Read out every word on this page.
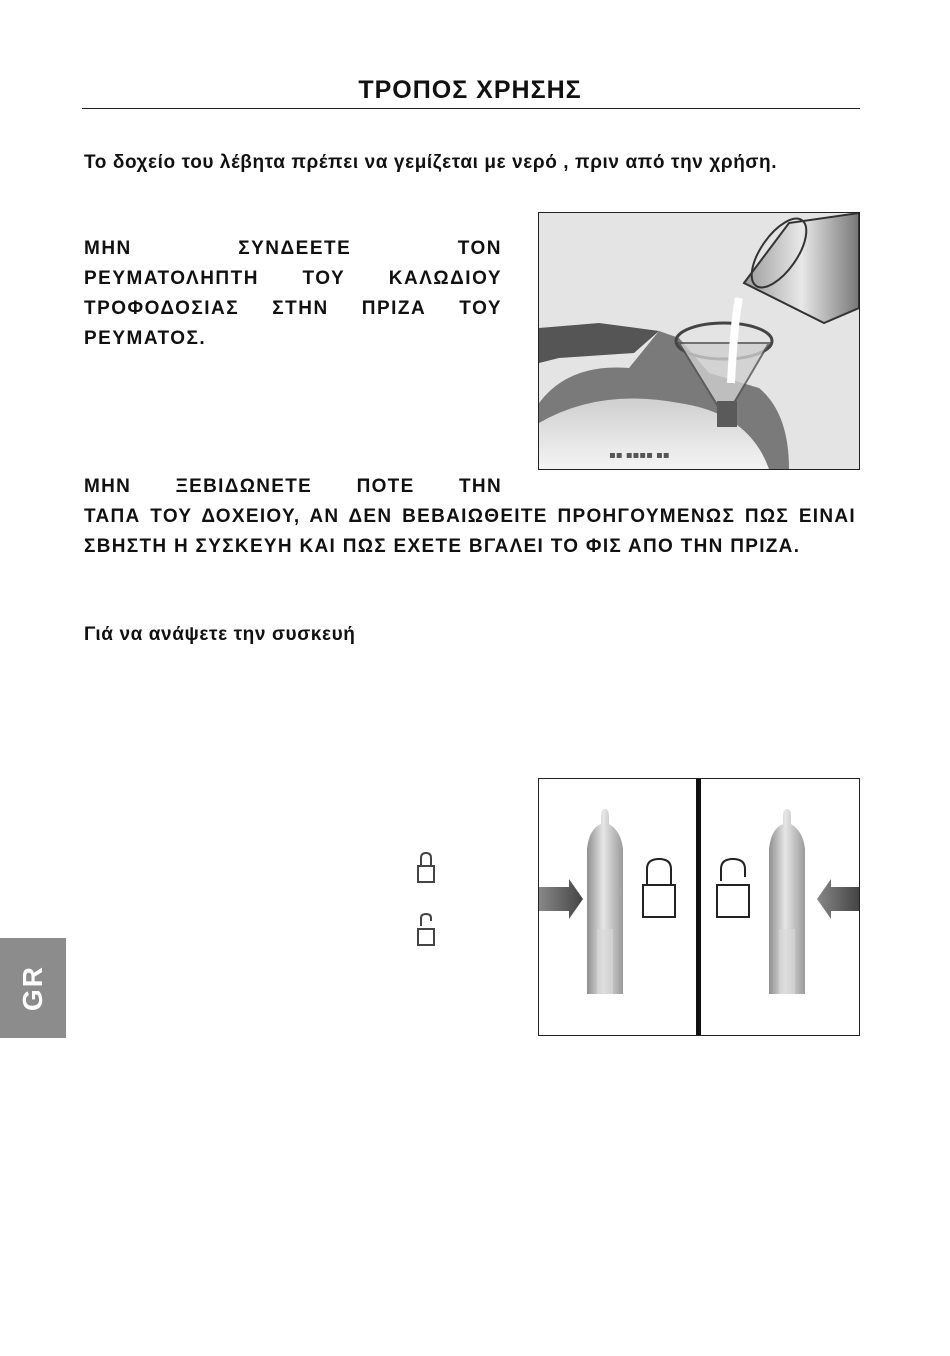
ΤΡΟΠΟΣ ΧΡΗΣΗΣ

Το δοχείο του λέβητα πρέπει να γεμίζεται με νερό , πριν από την χρήση.

ΜΗΝ	ΣΥΝΔΕΕΤΕ	ΤΟΝ
ΡΕΥΜΑΤΟΛΗΠΤΗ ΤΟΥ ΚΑΛΩΔΙΟΥ ΤΡΟΦΟΔΟΣΙΑΣ ΣΤΗΝ ΠΡΙΖΑ ΤΟΥ ΡΕΥΜΑΤΟΣ.
▪▪ ▪▪▪▪ ▪▪
ΜΗΝ ΞΕΒΙΔΩΝΕΤΕ ΠΟΤΕ ΤΗΝ
ΤΑΠΑ ΤΟΥ ΔΟΧΕΙΟΥ, ΑΝ ΔΕΝ ΒΕΒΑΙΩΘΕΙΤΕ ΠΡΟΗΓΟΥΜΕΝΩΣ ΠΩΣ ΕΙΝΑΙ ΣΒΗΣΤΗ Η ΣΥΣΚΕΥΗ ΚΑΙ ΠΩΣ ΕΧΕΤΕ ΒΓΑΛΕΙ ΤΟ ΦΙΣ ΑΠΟ ΤΗΝ ΠΡΙΖΑ.

Γιά να ανάψετε την συσκευή

GR
